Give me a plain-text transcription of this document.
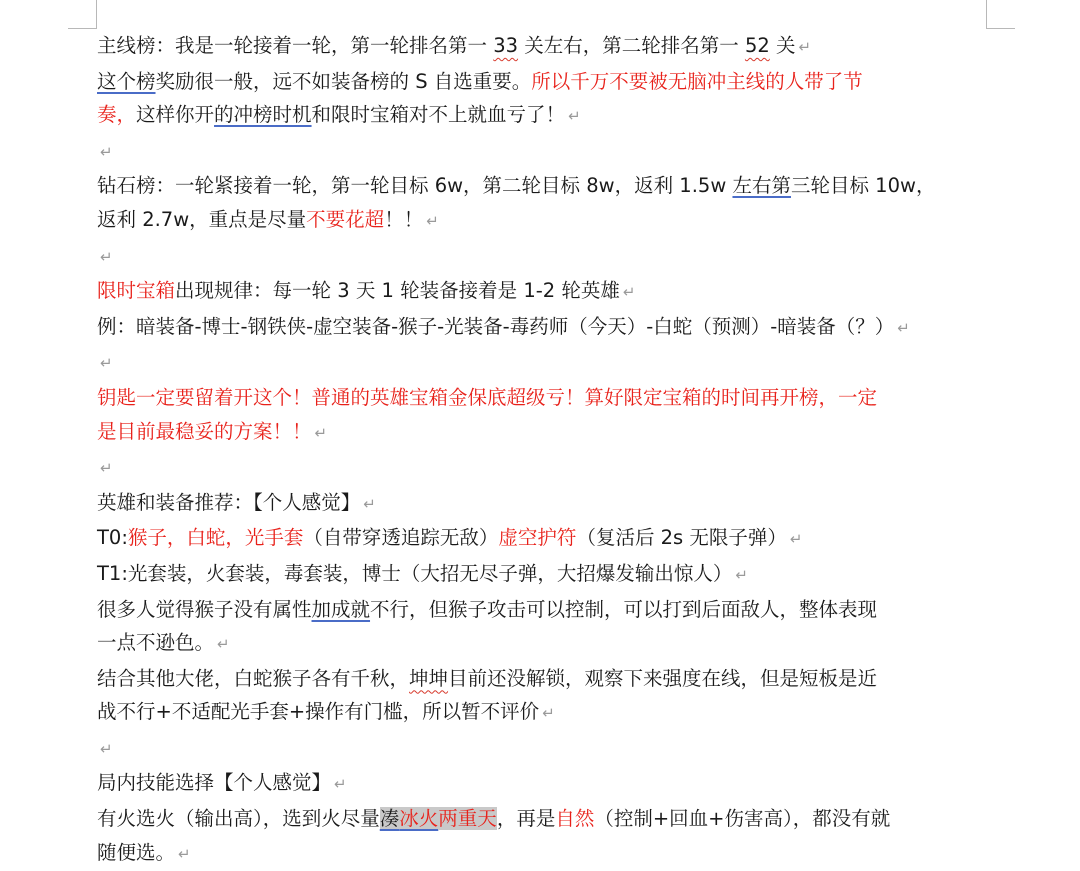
主线榜：我是一轮接着一轮，第一轮排名第一 33 关左右，第二轮排名第一 52 关 ↵

这个榜奖励很一般，远不如装备榜的 S 自选重要。所以千万不要被无脑冲主线的人带了节

奏，这样你开的冲榜时机和限时宝箱对不上就血亏了！ ↵

↵

钻石榜：一轮紧接着一轮，第一轮目标 6w，第二轮目标 8w，返利 1.5w 左右第三轮目标 10w，

返利 2.7w，重点是尽量不要花超！！ ↵

↵

限时宝箱出现规律：每一轮 3 天 1 轮装备接着是 1-2 轮英雄 ↵

例：暗装备-博士-钢铁侠-虚空装备-猴子-光装备-毒药师（今天）-白蛇（预测）-暗装备（？） ↵

↵

钥匙一定要留着开这个！普通的英雄宝箱金保底超级亏！算好限定宝箱的时间再开榜，一定

是目前最稳妥的方案！！ ↵

↵

英雄和装备推荐：【个人感觉】 ↵

T0:猴子，白蛇，光手套（自带穿透追踪无敌）虚空护符（复活后 2s 无限子弹） ↵

T1:光套装，火套装，毒套装，博士（大招无尽子弹，大招爆发输出惊人） ↵

很多人觉得猴子没有属性加成就不行，但猴子攻击可以控制，可以打到后面敌人，整体表现

一点不逊色。 ↵

结合其他大佬，白蛇猴子各有千秋，坤坤目前还没解锁，观察下来强度在线，但是短板是近

战不行+不适配光手套+操作有门槛，所以暂不评价 ↵

↵

局内技能选择【个人感觉】 ↵

有火选火（输出高），选到火尽量凑冰火两重天，再是自然（控制+回血+伤害高），都没有就

随便选。 ↵
